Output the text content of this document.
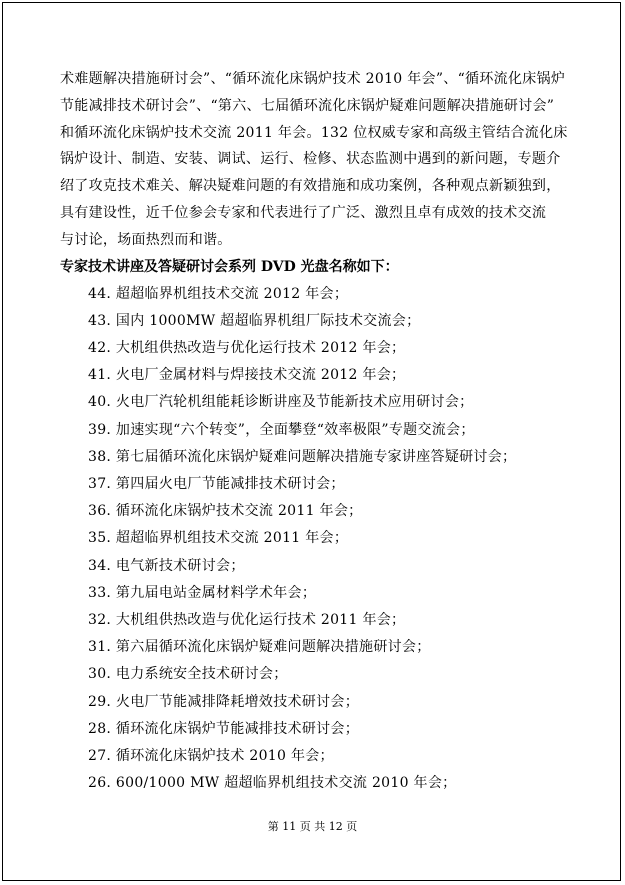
术难题解决措施研讨会”、“循环流化床锅炉技术 2010 年会”、“循环流化床锅炉
节能减排技术研讨会”、“第六、七届循环流化床锅炉疑难问题解决措施研讨会”
和循环流化床锅炉技术交流 2011 年会。132 位权威专家和高级主管结合流化床
锅炉设计、制造、安装、调试、运行、检修、状态监测中遇到的新问题，专题介
绍了攻克技术难关、解决疑难问题的有效措施和成功案例，各种观点新颖独到，
具有建设性，近千位参会专家和代表进行了广泛、激烈且卓有成效的技术交流
与讨论，场面热烈而和谐。

专家技术讲座及答疑研讨会系列 DVD 光盘名称如下：
44. 超超临界机组技术交流 2012 年会；
43. 国内 1000MW 超超临界机组厂际技术交流会；
42. 大机组供热改造与优化运行技术 2012 年会；
41. 火电厂金属材料与焊接技术交流 2012 年会；
40. 火电厂汽轮机组能耗诊断讲座及节能新技术应用研讨会；
39. 加速实现“六个转变”，全面攀登“效率极限”专题交流会；
38. 第七届循环流化床锅炉疑难问题解决措施专家讲座答疑研讨会；
37. 第四届火电厂节能减排技术研讨会；
36. 循环流化床锅炉技术交流 2011 年会；
35. 超超临界机组技术交流 2011 年会；
34. 电气新技术研讨会；
33. 第九届电站金属材料学术年会；
32. 大机组供热改造与优化运行技术 2011 年会；
31. 第六届循环流化床锅炉疑难问题解决措施研讨会；
30. 电力系统安全技术研讨会；
29. 火电厂节能减排降耗增效技术研讨会；
28. 循环流化床锅炉节能减排技术研讨会；
27. 循环流化床锅炉技术 2010 年会；
26. 600/1000 MW 超超临界机组技术交流 2010 年会；
第 11 页 共 12 页
